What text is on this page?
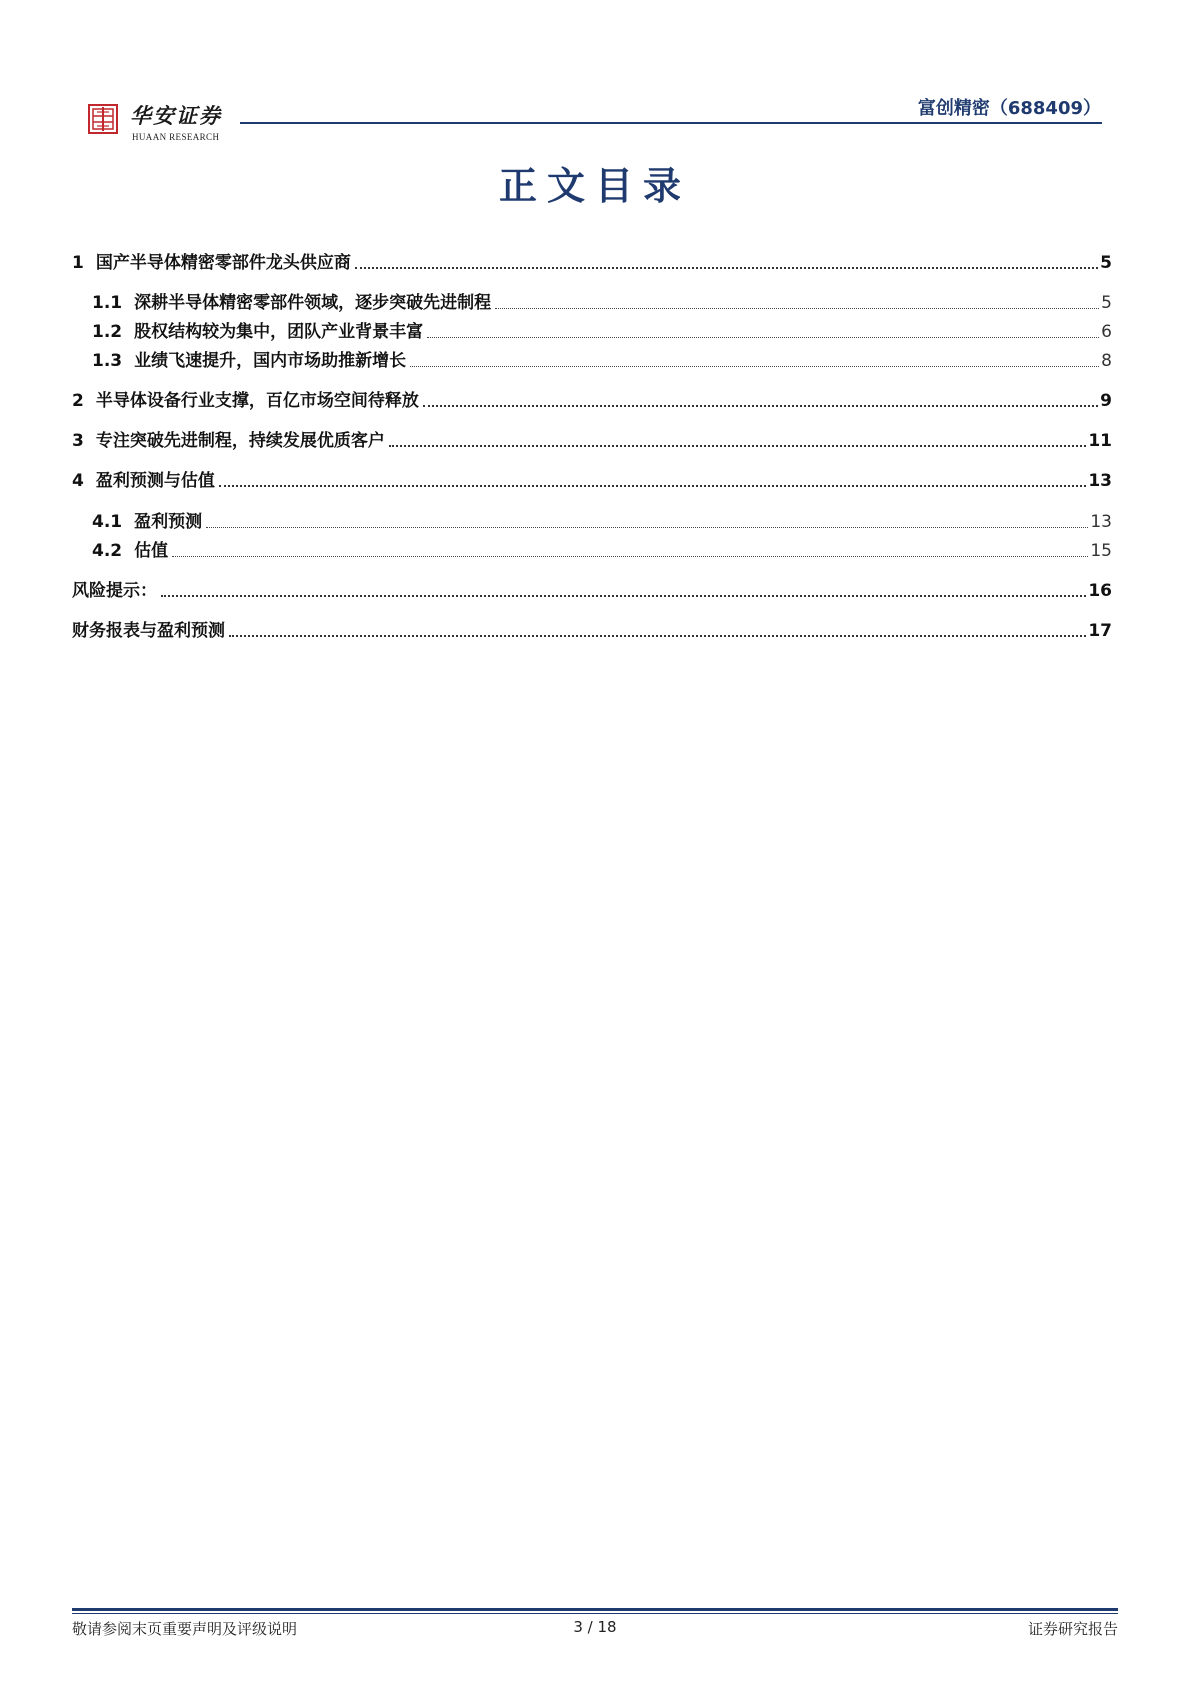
华安证券
HUAAN RESEARCH
富创精密（688409）
正文目录
1 国产半导体精密零部件龙头供应商	5
1.1 深耕半导体精密零部件领域，逐步突破先进制程	5
1.2 股权结构较为集中，团队产业背景丰富	6
1.3 业绩飞速提升，国内市场助推新增长	8
2 半导体设备行业支撑，百亿市场空间待释放	9
3 专注突破先进制程，持续发展优质客户	11
4 盈利预测与估值	13
4.1 盈利预测	13
4.2 估值	15
风险提示：	16
财务报表与盈利预测	17
敬请参阅末页重要声明及评级说明	3 / 18	证券研究报告
